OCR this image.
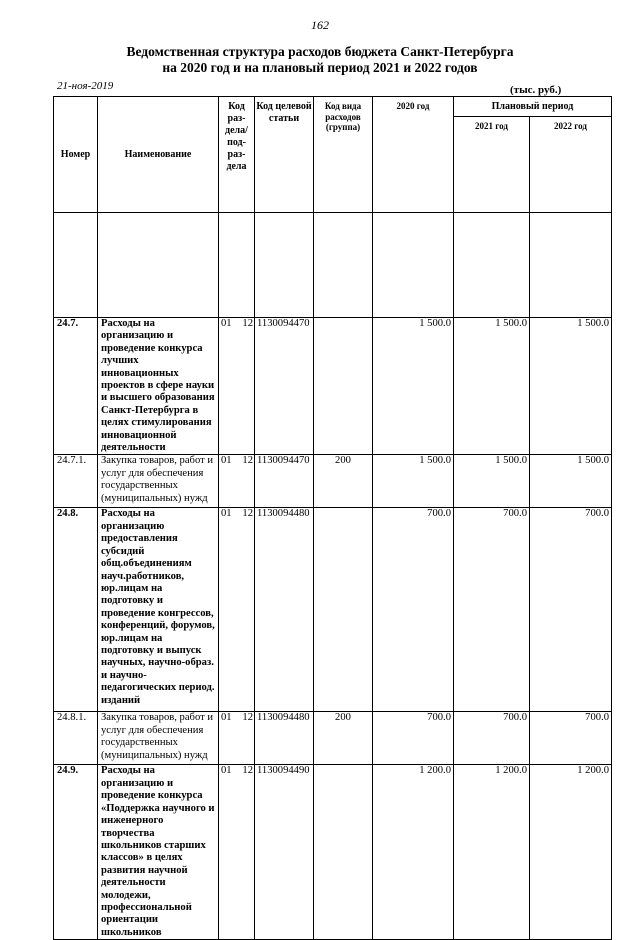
162
Ведомственная структура расходов бюджета Санкт-Петербурга
на 2020 год и на плановый период 2021 и 2022 годов
21-ноя-2019	(тыс. руб.)
Номер	Наименование	Код раз-дела/ под-раз-дела	Код целевой статьи	Код вида расходов (группа)	2020 год	Плановый период	
						2021 год	2022 год

24.7.	Расходы на организацию и проведение конкурса лучших инновационных проектов в сфере науки и высшего образования Санкт-Петербурга в целях стимулирования инновационной деятельности	01 12	1130094470		1 500.0	1 500.0	1 500.0
24.7.1.	Закупка товаров, работ и услуг для обеспечения государственных (муниципальных) нужд	01 12	1130094470	200	1 500.0	1 500.0	1 500.0
24.8.	Расходы на организацию предоставления субсидий общ.объединениям науч.работников, юр.лицам на подготовку и проведение конгрессов, конференций, форумов, юр.лицам на подготовку и выпуск научных, научно-образ. и научно-педагогических период. изданий	01 12	1130094480		700.0	700.0	700.0
24.8.1.	Закупка товаров, работ и услуг для обеспечения государственных (муниципальных) нужд	01 12	1130094480	200	700.0	700.0	700.0
24.9.	Расходы на организацию и проведение конкурса «Поддержка научного и инженерного творчества школьников старших классов» в целях развития научной деятельности молодежи, профессиональной ориентации школьников	01 12	1130094490		1 200.0	1 200.0	1 200.0
